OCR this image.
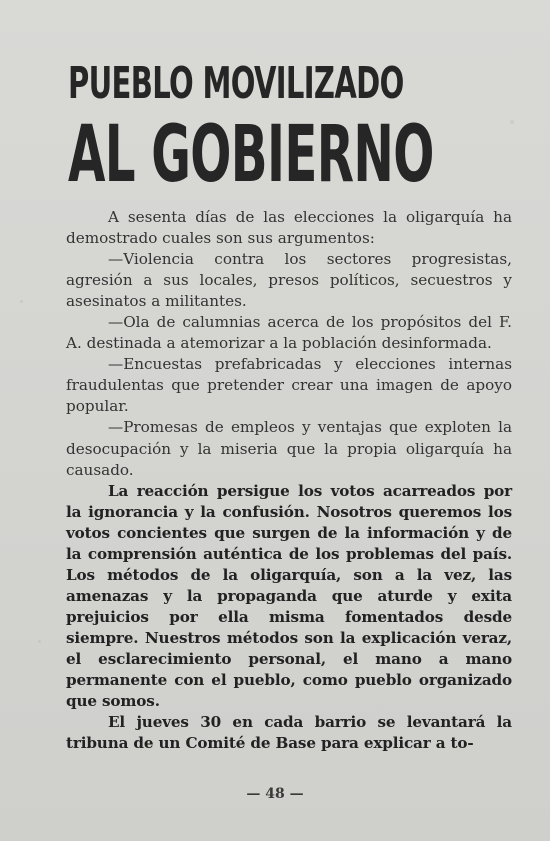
PUEBLO MOVILIZADO
AL GOBIERNO

A sesenta días de las elecciones la oligarquía ha demostrado cuales son sus argumentos:

—Violencia contra los sectores progresistas, agresión a sus locales, presos políticos, secuestros y asesinatos a militantes.

—Ola de calumnias acerca de los propósitos del F. A. destinada a atemorizar a la población desinformada.

—Encuestas prefabricadas y elecciones internas fraudulentas que pretender crear una imagen de apoyo popular.

—Promesas de empleos y ventajas que exploten la desocupación y la miseria que la propia oligarquía ha causado.

La reacción persigue los votos acarreados por la ignorancia y la confusión. Nosotros queremos los votos concientes que surgen de la información y de la comprensión auténtica de los problemas del país. Los métodos de la oligarquía, son a la vez, las amenazas y la propaganda que aturde y exita prejuicios por ella misma fomentados desde siempre. Nuestros métodos son la explicación veraz, el esclarecimiento personal, el mano a mano permanente con el pueblo, como pueblo organizado que somos.

El jueves 30 en cada barrio se levantará la tribuna de un Comité de Base para explicar a to-

— 48 —
